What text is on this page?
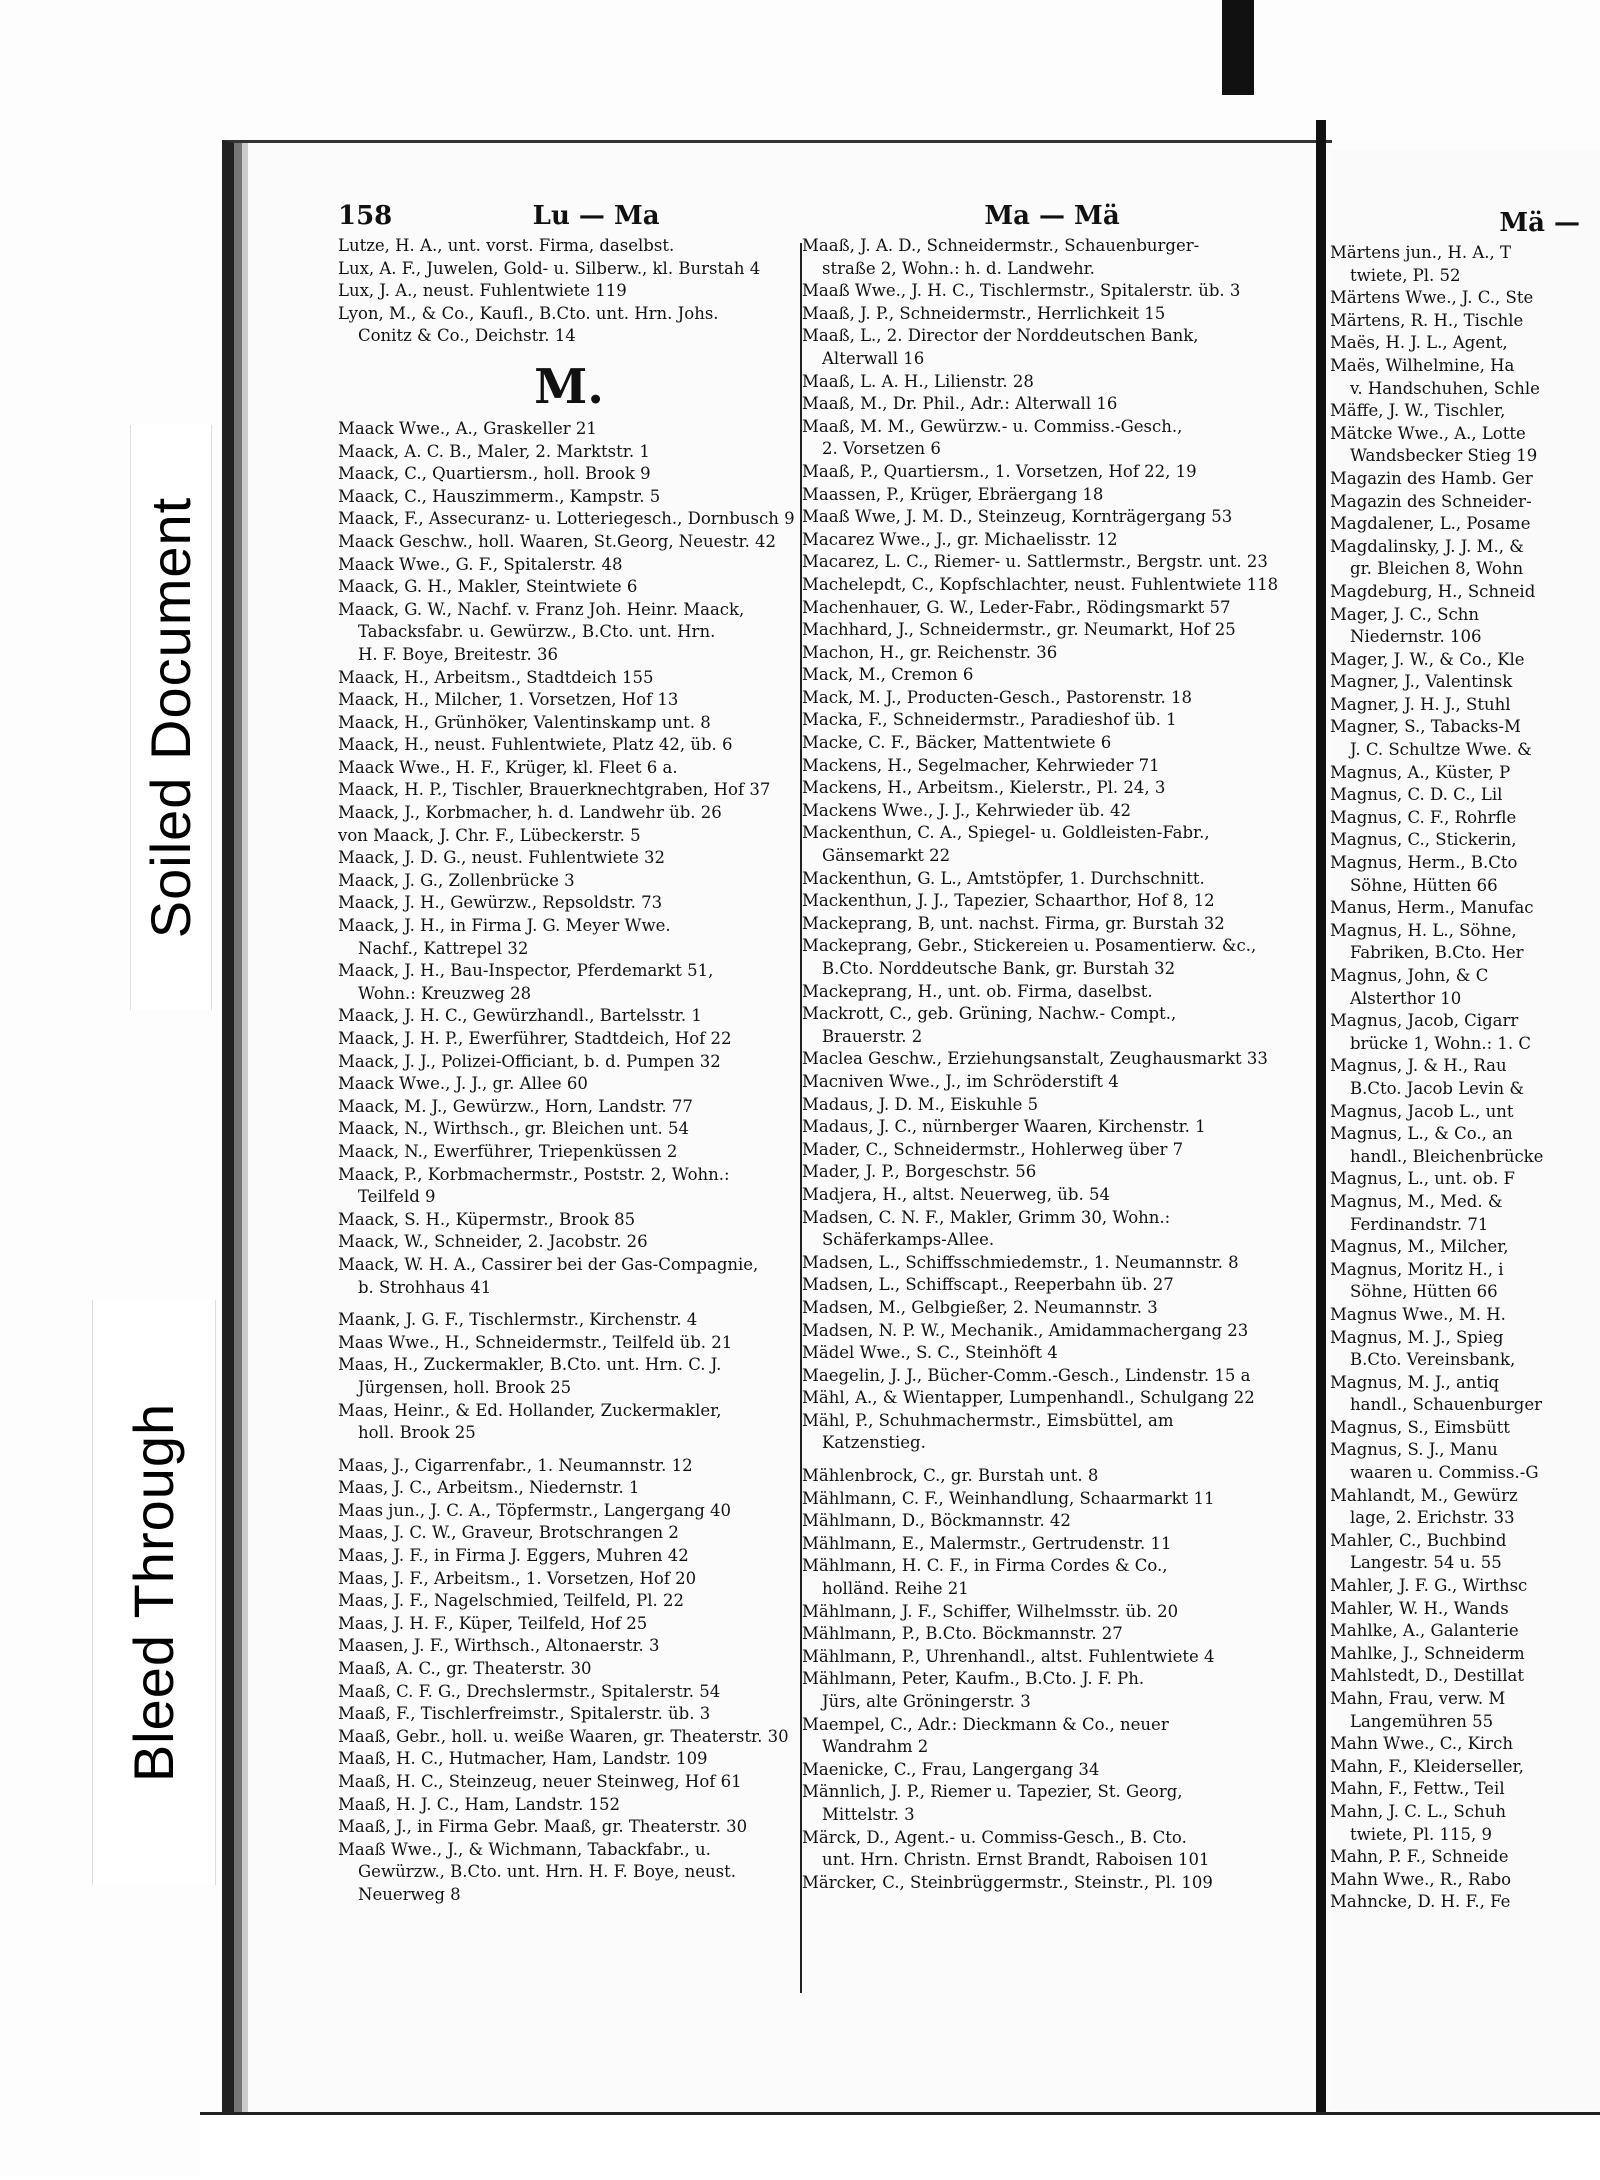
Soiled Document
Bleed Through
158	Lu — Ma
Lutze, H. A., unt. vorst. Firma, daselbst.
Lux, A. F., Juwelen, Gold- u. Silberw., kl. Burstah 4
Lux, J. A., neust. Fuhlentwiete 119
Lyon, M., & Co., Kaufl., B.Cto. unt. Hrn. Johs.
Conitz & Co., Deichstr. 14
M.
Maack Wwe., A., Graskeller 21
Maack, A. C. B., Maler, 2. Marktstr. 1
Maack, C., Quartiersm., holl. Brook 9
Maack, C., Hauszimmerm., Kampstr. 5
Maack, F., Assecuranz- u. Lotteriegesch., Dornbusch 9
Maack Geschw., holl. Waaren, St.Georg, Neuestr. 42
Maack Wwe., G. F., Spitalerstr. 48
Maack, G. H., Makler, Steintwiete 6
Maack, G. W., Nachf. v. Franz Joh. Heinr. Maack,
Tabacksfabr. u. Gewürzw., B.Cto. unt. Hrn.
H. F. Boye, Breitestr. 36
Maack, H., Arbeitsm., Stadtdeich 155
Maack, H., Milcher, 1. Vorsetzen, Hof 13
Maack, H., Grünhöker, Valentinskamp unt. 8
Maack, H., neust. Fuhlentwiete, Platz 42, üb. 6
Maack Wwe., H. F., Krüger, kl. Fleet 6 a.
Maack, H. P., Tischler, Brauerknechtgraben, Hof 37
Maack, J., Korbmacher, h. d. Landwehr üb. 26
von Maack, J. Chr. F., Lübeckerstr. 5
Maack, J. D. G., neust. Fuhlentwiete 32
Maack, J. G., Zollenbrücke 3
Maack, J. H., Gewürzw., Repsoldstr. 73
Maack, J. H., in Firma J. G. Meyer Wwe.
Nachf., Kattrepel 32
Maack, J. H., Bau-Inspector, Pferdemarkt 51,
Wohn.: Kreuzweg 28
Maack, J. H. C., Gewürzhandl., Bartelsstr. 1
Maack, J. H. P., Ewerführer, Stadtdeich, Hof 22
Maack, J. J., Polizei-Officiant, b. d. Pumpen 32
Maack Wwe., J. J., gr. Allee 60
Maack, M. J., Gewürzw., Horn, Landstr. 77
Maack, N., Wirthsch., gr. Bleichen unt. 54
Maack, N., Ewerführer, Triepenküssen 2
Maack, P., Korbmachermstr., Poststr. 2, Wohn.:
Teilfeld 9
Maack, S. H., Küpermstr., Brook 85
Maack, W., Schneider, 2. Jacobstr. 26
Maack, W. H. A., Cassirer bei der Gas-Compagnie,
b. Strohhaus 41
Maank, J. G. F., Tischlermstr., Kirchenstr. 4
Maas Wwe., H., Schneidermstr., Teilfeld üb. 21
Maas, H., Zuckermakler, B.Cto. unt. Hrn. C. J.
Jürgensen, holl. Brook 25
Maas, Heinr., & Ed. Hollander, Zuckermakler,
holl. Brook 25
Maas, J., Cigarrenfabr., 1. Neumannstr. 12
Maas, J. C., Arbeitsm., Niedernstr. 1
Maas jun., J. C. A., Töpfermstr., Langergang 40
Maas, J. C. W., Graveur, Brotschrangen 2
Maas, J. F., in Firma J. Eggers, Muhren 42
Maas, J. F., Arbeitsm., 1. Vorsetzen, Hof 20
Maas, J. F., Nagelschmied, Teilfeld, Pl. 22
Maas, J. H. F., Küper, Teilfeld, Hof 25
Maasen, J. F., Wirthsch., Altonaerstr. 3
Maaß, A. C., gr. Theaterstr. 30
Maaß, C. F. G., Drechslermstr., Spitalerstr. 54
Maaß, F., Tischlerfreimstr., Spitalerstr. üb. 3
Maaß, Gebr., holl. u. weiße Waaren, gr. Theaterstr. 30
Maaß, H. C., Hutmacher, Ham, Landstr. 109
Maaß, H. C., Steinzeug, neuer Steinweg, Hof 61
Maaß, H. J. C., Ham, Landstr. 152
Maaß, J., in Firma Gebr. Maaß, gr. Theaterstr. 30
Maaß Wwe., J., & Wichmann, Tabackfabr., u.
Gewürzw., B.Cto. unt. Hrn. H. F. Boye, neust.
Neuerweg 8
Ma — Mä
Maaß, J. A. D., Schneidermstr., Schauenburger-
straße 2, Wohn.: h. d. Landwehr.
Maaß Wwe., J. H. C., Tischlermstr., Spitalerstr. üb. 3
Maaß, J. P., Schneidermstr., Herrlichkeit 15
Maaß, L., 2. Director der Norddeutschen Bank,
Alterwall 16
Maaß, L. A. H., Lilienstr. 28
Maaß, M., Dr. Phil., Adr.: Alterwall 16
Maaß, M. M., Gewürzw.- u. Commiss.-Gesch.,
2. Vorsetzen 6
Maaß, P., Quartiersm., 1. Vorsetzen, Hof 22, 19
Maassen, P., Krüger, Ebräergang 18
Maaß Wwe, J. M. D., Steinzeug, Kornträgergang 53
Macarez Wwe., J., gr. Michaelisstr. 12
Macarez, L. C., Riemer- u. Sattlermstr., Bergstr. unt. 23
Machelepdt, C., Kopfschlachter, neust. Fuhlentwiete 118
Machenhauer, G. W., Leder-Fabr., Rödingsmarkt 57
Machhard, J., Schneidermstr., gr. Neumarkt, Hof 25
Machon, H., gr. Reichenstr. 36
Mack, M., Cremon 6
Mack, M. J., Producten-Gesch., Pastorenstr. 18
Macka, F., Schneidermstr., Paradieshof üb. 1
Macke, C. F., Bäcker, Mattentwiete 6
Mackens, H., Segelmacher, Kehrwieder 71
Mackens, H., Arbeitsm., Kielerstr., Pl. 24, 3
Mackens Wwe., J. J., Kehrwieder üb. 42
Mackenthun, C. A., Spiegel- u. Goldleisten-Fabr.,
Gänsemarkt 22
Mackenthun, G. L., Amtstöpfer, 1. Durchschnitt.
Mackenthun, J. J., Tapezier, Schaarthor, Hof 8, 12
Mackeprang, B, unt. nachst. Firma, gr. Burstah 32
Mackeprang, Gebr., Stickereien u. Posamentierw. &c.,
B.Cto. Norddeutsche Bank, gr. Burstah 32
Mackeprang, H., unt. ob. Firma, daselbst.
Mackrott, C., geb. Grüning, Nachw.- Compt.,
Brauerstr. 2
Maclea Geschw., Erziehungsanstalt, Zeughausmarkt 33
Macniven Wwe., J., im Schröderstift 4
Madaus, J. D. M., Eiskuhle 5
Madaus, J. C., nürnberger Waaren, Kirchenstr. 1
Mader, C., Schneidermstr., Hohlerweg über 7
Mader, J. P., Borgeschstr. 56
Madjera, H., altst. Neuerweg, üb. 54
Madsen, C. N. F., Makler, Grimm 30, Wohn.:
Schäferkamps-Allee.
Madsen, L., Schiffsschmiedemstr., 1. Neumannstr. 8
Madsen, L., Schiffscapt., Reeperbahn üb. 27
Madsen, M., Gelbgießer, 2. Neumannstr. 3
Madsen, N. P. W., Mechanik., Amidammachergang 23
Mädel Wwe., S. C., Steinhöft 4
Maegelin, J. J., Bücher-Comm.-Gesch., Lindenstr. 15 a
Mähl, A., & Wientapper, Lumpenhandl., Schulgang 22
Mähl, P., Schuhmachermstr., Eimsbüttel, am
Katzenstieg.
Mählenbrock, C., gr. Burstah unt. 8
Mählmann, C. F., Weinhandlung, Schaarmarkt 11
Mählmann, D., Böckmannstr. 42
Mählmann, E., Malermstr., Gertrudenstr. 11
Mählmann, H. C. F., in Firma Cordes & Co.,
holländ. Reihe 21
Mählmann, J. F., Schiffer, Wilhelmsstr. üb. 20
Mählmann, P., B.Cto. Böckmannstr. 27
Mählmann, P., Uhrenhandl., altst. Fuhlentwiete 4
Mählmann, Peter, Kaufm., B.Cto. J. F. Ph.
Jürs, alte Gröningerstr. 3
Maempel, C., Adr.: Dieckmann & Co., neuer
Wandrahm 2
Maenicke, C., Frau, Langergang 34
Männlich, J. P., Riemer u. Tapezier, St. Georg,
Mittelstr. 3
Märck, D., Agent.- u. Commiss-Gesch., B. Cto.
unt. Hrn. Christn. Ernst Brandt, Raboisen 101
Märcker, C., Steinbrüggermstr., Steinstr., Pl. 109
Mä —
Märtens jun., H. A., T
twiete, Pl. 52
Märtens Wwe., J. C., Ste
Märtens, R. H., Tischle
Maës, H. J. L., Agent,
Maës, Wilhelmine, Ha
v. Handschuhen, Schle
Mäffe, J. W., Tischler,
Mätcke Wwe., A., Lotte
Wandsbecker Stieg 19
Magazin des Hamb. Ger
Magazin des Schneider-
Magdalener, L., Posame
Magdalinsky, J. J. M., &
gr. Bleichen 8, Wohn
Magdeburg, H., Schneid
Mager, J. C., Schn
Niedernstr. 106
Mager, J. W., & Co., Kle
Magner, J., Valentinsk
Magner, J. H. J., Stuhl
Magner, S., Tabacks-M
J. C. Schultze Wwe. &
Magnus, A., Küster, P
Magnus, C. D. C., Lil
Magnus, C. F., Rohrfle
Magnus, C., Stickerin,
Magnus, Herm., B.Cto
Söhne, Hütten 66
Manus, Herm., Manufac
Magnus, H. L., Söhne,
Fabriken, B.Cto. Her
Magnus, John, & C
Alsterthor 10
Magnus, Jacob, Cigarr
brücke 1, Wohn.: 1. C
Magnus, J. & H., Rau
B.Cto. Jacob Levin &
Magnus, Jacob L., unt
Magnus, L., & Co., an
handl., Bleichenbrücke
Magnus, L., unt. ob. F
Magnus, M., Med. &
Ferdinandstr. 71
Magnus, M., Milcher,
Magnus, Moritz H., i
Söhne, Hütten 66
Magnus Wwe., M. H.
Magnus, M. J., Spieg
B.Cto. Vereinsbank,
Magnus, M. J., antiq
handl., Schauenburger
Magnus, S., Eimsbütt
Magnus, S. J., Manu
waaren u. Commiss.-G
Mahlandt, M., Gewürz
lage, 2. Erichstr. 33
Mahler, C., Buchbind
Langestr. 54 u. 55
Mahler, J. F. G., Wirthsc
Mahler, W. H., Wands
Mahlke, A., Galanterie
Mahlke, J., Schneiderm
Mahlstedt, D., Destillat
Mahn, Frau, verw. M
Langemühren 55
Mahn Wwe., C., Kirch
Mahn, F., Kleiderseller,
Mahn, F., Fettw., Teil
Mahn, J. C. L., Schuh
twiete, Pl. 115, 9
Mahn, P. F., Schneide
Mahn Wwe., R., Rabo
Mahncke, D. H. F., Fe
